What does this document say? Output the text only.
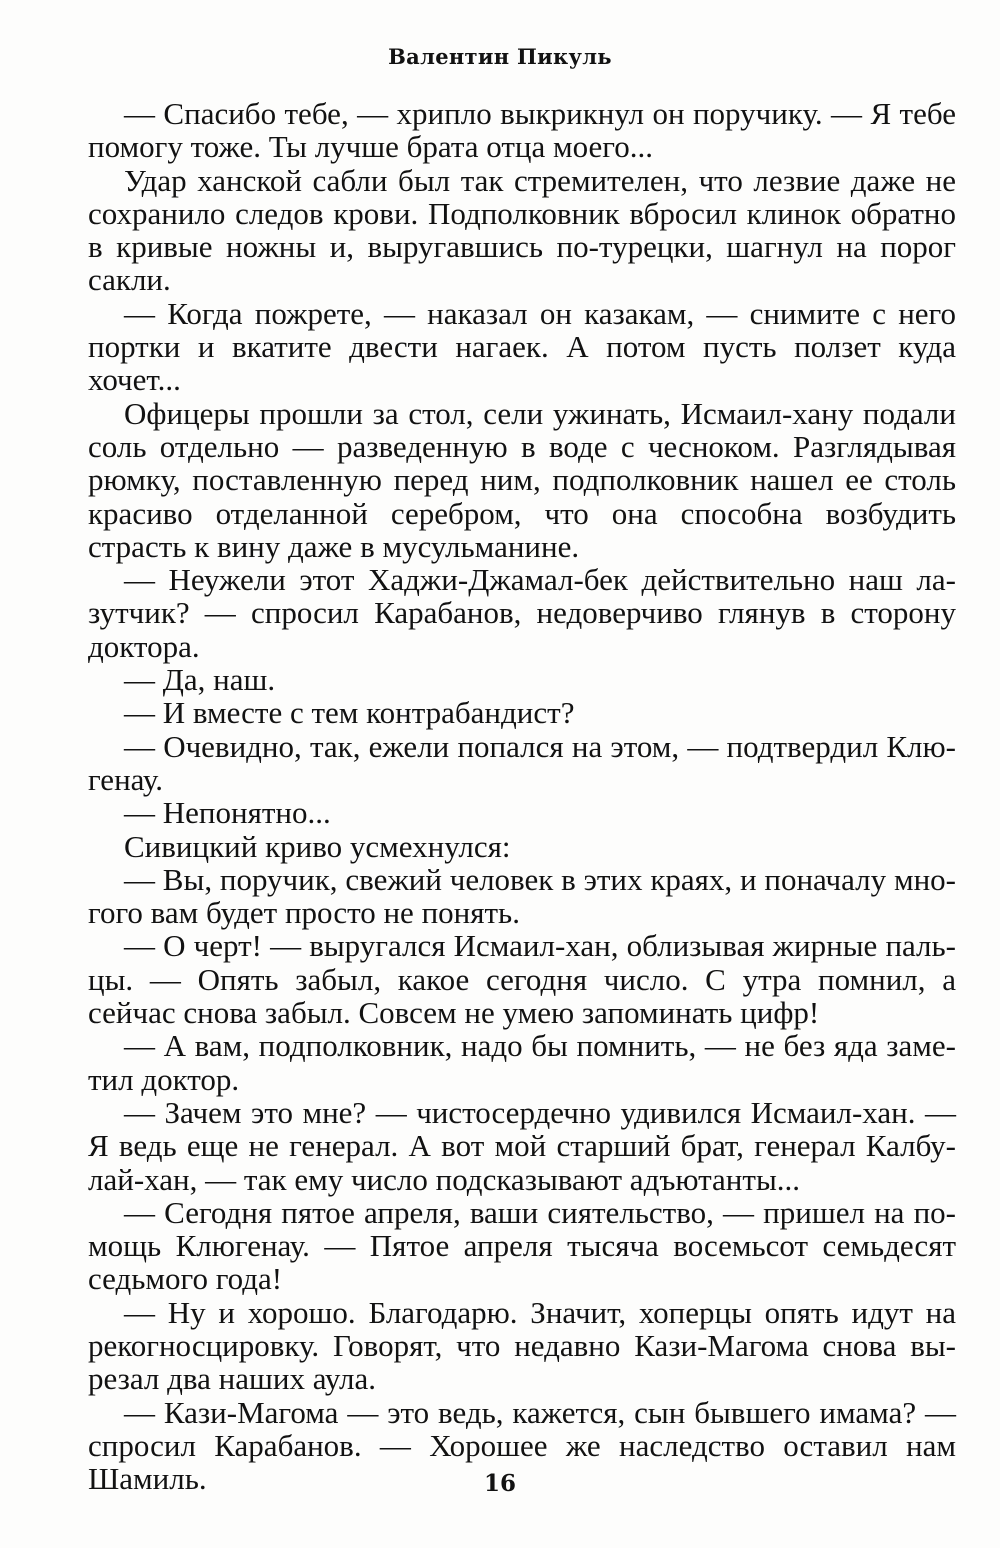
Валентин Пикуль

— Спасибо тебе, — хрипло выкрикнул он поручику. — Я тебе помогу тоже. Ты лучше брата отца моего...

Удар ханской сабли был так стремителен, что лезвие даже не сохранило следов крови. Подполковник вбросил клинок обратно в кривые ножны и, выругавшись по-турецки, шагнул на порог сакли.

— Когда пожрете, — наказал он казакам, — снимите с него портки и вкатите двести нагаек. А потом пусть ползет куда хочет...

Офицеры прошли за стол, сели ужинать, Исмаил-хану подали соль отдельно — разведенную в воде с чесноком. Разглядывая рюмку, поставленную перед ним, подполковник нашел ее столь красиво отделанной серебром, что она способна возбудить страсть к вину даже в мусульманине.

— Неужели этот Хаджи-Джамал-бек действительно наш лазутчик? — спросил Карабанов, недоверчиво глянув в сторону доктора.

— Да, наш.

— И вместе с тем контрабандист?

— Очевидно, так, ежели попался на этом, — подтвердил Клюгенау.

— Непонятно...

Сивицкий криво усмехнулся:

— Вы, поручик, свежий человек в этих краях, и поначалу многого вам будет просто не понять.

— О черт! — выругался Исмаил-хан, облизывая жирные пальцы. — Опять забыл, какое сегодня число. С утра помнил, а сейчас снова забыл. Совсем не умею запоминать цифр!

— А вам, подполковник, надо бы помнить, — не без яда заметил доктор.

— Зачем это мне? — чистосердечно удивился Исмаил-хан. — Я ведь еще не генерал. А вот мой старший брат, генерал Калбулай-хан, — так ему число подсказывают адъютанты...

— Сегодня пятое апреля, ваши сиятельство, — пришел на помощь Клюгенау. — Пятое апреля тысяча восемьсот семьдесят седьмого года!

— Ну и хорошо. Благодарю. Значит, хоперцы опять идут на рекогносцировку. Говорят, что недавно Кази-Магома снова вырезал два наших аула.

— Кази-Магома — это ведь, кажется, сын бывшего имама? — спросил Карабанов. — Хорошее же наследство оставил нам Шамиль.	16
